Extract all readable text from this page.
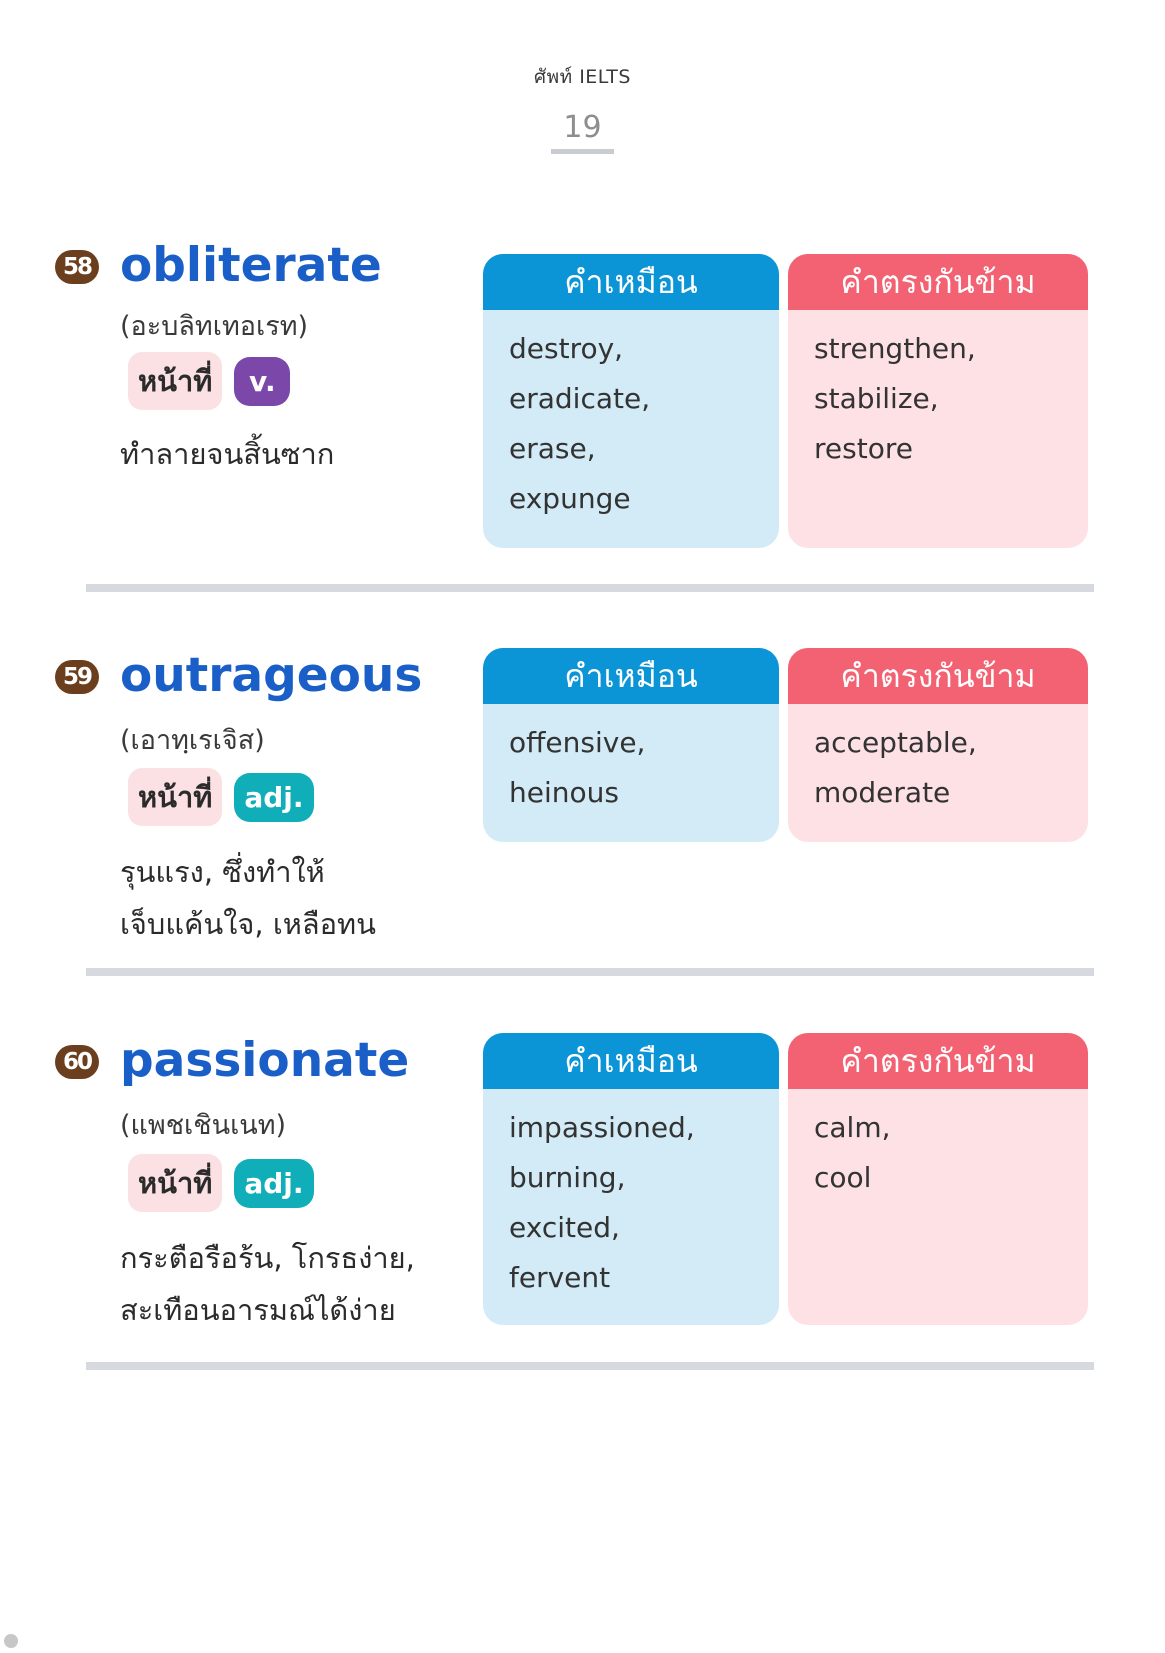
ศัพท์ IELTS
19
58 obliterate
(อะบลิทเทอเรท)
หน้าที่	v.
ทำลายจนสิ้นซาก
คำเหมือน
destroy,
eradicate,
erase,
expunge
คำตรงกันข้าม
strengthen,
stabilize,
restore
59 outrageous
(เอาทฺเรเจิส)
หน้าที่	adj.
รุนแรง, ซึ่งทำให้
เจ็บแค้นใจ, เหลือทน
คำเหมือน
offensive,
heinous
คำตรงกันข้าม
acceptable,
moderate
60 passionate
(แพชเชินเนท)
หน้าที่	adj.
กระตือรือร้น, โกรธง่าย,
สะเทือนอารมณ์ได้ง่าย
คำเหมือน
impassioned,
burning,
excited,
fervent
คำตรงกันข้าม
calm,
cool
